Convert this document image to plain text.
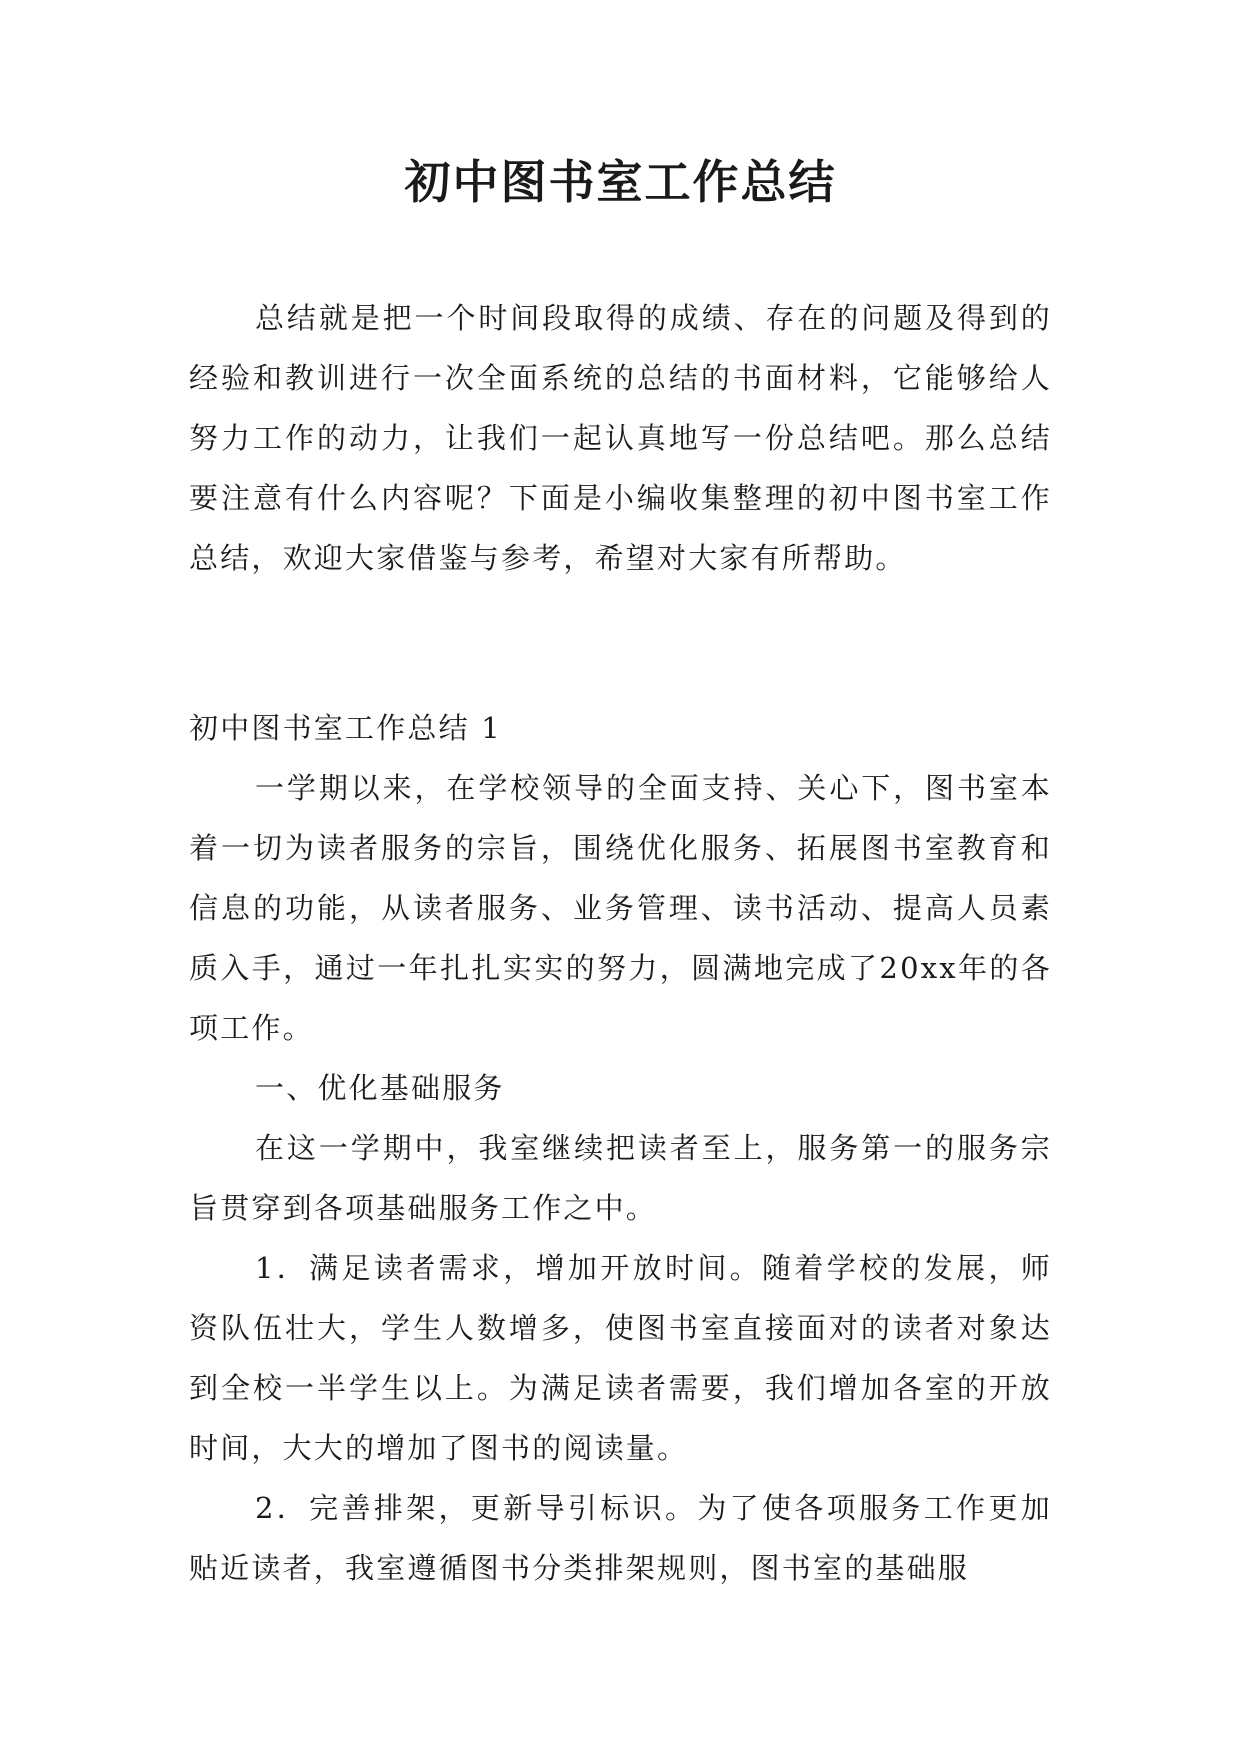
初中图书室工作总结

总结就是把一个时间段取得的成绩、存在的问题及得到的经验和教训进行一次全面系统的总结的书面材料，它能够给人努力工作的动力，让我们一起认真地写一份总结吧。那么总结要注意有什么内容呢？下面是小编收集整理的初中图书室工作总结，欢迎大家借鉴与参考，希望对大家有所帮助。

初中图书室工作总结 1

一学期以来，在学校领导的全面支持、关心下，图书室本着一切为读者服务的宗旨，围绕优化服务、拓展图书室教育和信息的功能，从读者服务、业务管理、读书活动、提高人员素质入手，通过一年扎扎实实的努力，圆满地完成了20xx年的各项工作。

一、优化基础服务

在这一学期中，我室继续把读者至上，服务第一的服务宗旨贯穿到各项基础服务工作之中。

1．满足读者需求，增加开放时间。随着学校的发展，师资队伍壮大，学生人数增多，使图书室直接面对的读者对象达到全校一半学生以上。为满足读者需要，我们增加各室的开放时间，大大的增加了图书的阅读量。

2．完善排架，更新导引标识。为了使各项服务工作更加贴近读者，我室遵循图书分类排架规则，图书室的基础服
